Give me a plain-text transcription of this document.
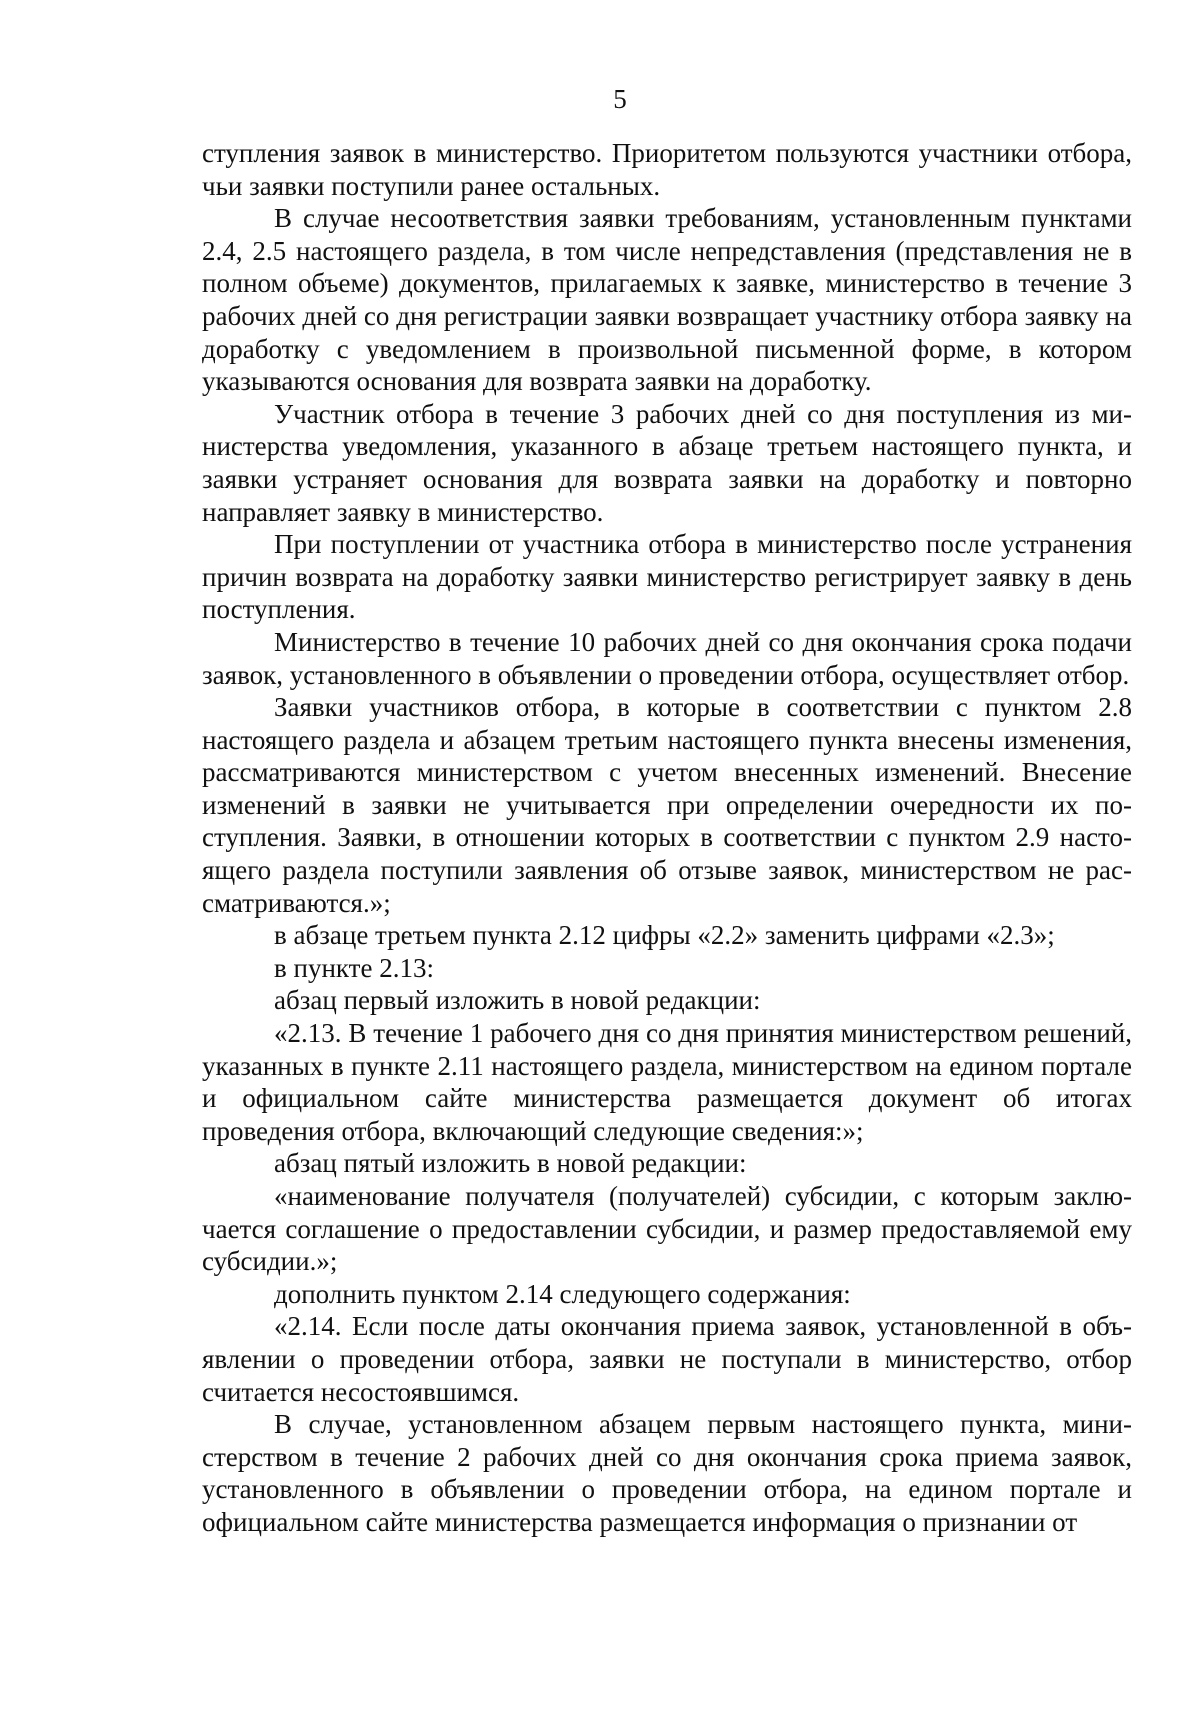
5

ступления заявок в министерство. Приоритетом пользуются участники отбора, чьи заявки поступили ранее остальных.

В случае несоответствия заявки требованиям, установленным пунктами 2.4, 2.5 настоящего раздела, в том числе непредставления (представления не в полном объеме) документов, прилагаемых к заявке, министерство в течение 3 рабочих дней со дня регистрации заявки возвращает участнику отбора заявку на доработку с уведомлением в произвольной письменной форме, в котором указываются основания для возврата заявки на доработку.

Участник отбора в течение 3 рабочих дней со дня поступления из министерства уведомления, указанного в абзаце третьем настоящего пункта, и заявки устраняет основания для возврата заявки на доработку и повторно направляет заявку в министерство.

При поступлении от участника отбора в министерство после устранения причин возврата на доработку заявки министерство регистрирует заявку в день поступления.

Министерство в течение 10 рабочих дней со дня окончания срока подачи заявок, установленного в объявлении о проведении отбора, осуществляет отбор.

Заявки участников отбора, в которые в соответствии с пунктом 2.8 настоящего раздела и абзацем третьим настоящего пункта внесены изменения, рассматриваются министерством с учетом внесенных изменений. Внесение изменений в заявки не учитывается при определении очередности их поступления. Заявки, в отношении которых в соответствии с пунктом 2.9 настоящего раздела поступили заявления об отзыве заявок, министерством не рассматриваются.»;

в абзаце третьем пункта 2.12 цифры «2.2» заменить цифрами «2.3»;

в пункте 2.13:

абзац первый изложить в новой редакции:

«2.13. В течение 1 рабочего дня со дня принятия министерством решений, указанных в пункте 2.11 настоящего раздела, министерством на едином портале и официальном сайте министерства размещается документ об итогах проведения отбора, включающий следующие сведения:»;

абзац пятый изложить в новой редакции:

«наименование получателя (получателей) субсидии, с которым заключается соглашение о предоставлении субсидии, и размер предоставляемой ему субсидии.»;

дополнить пунктом 2.14 следующего содержания:

«2.14. Если после даты окончания приема заявок, установленной в объявлении о проведении отбора, заявки не поступали в министерство, отбор считается несостоявшимся.

В случае, установленном абзацем первым настоящего пункта, министерством в течение 2 рабочих дней со дня окончания срока приема заявок, установленного в объявлении о проведении отбора, на едином портале и официальном сайте министерства размещается информация о признании от
